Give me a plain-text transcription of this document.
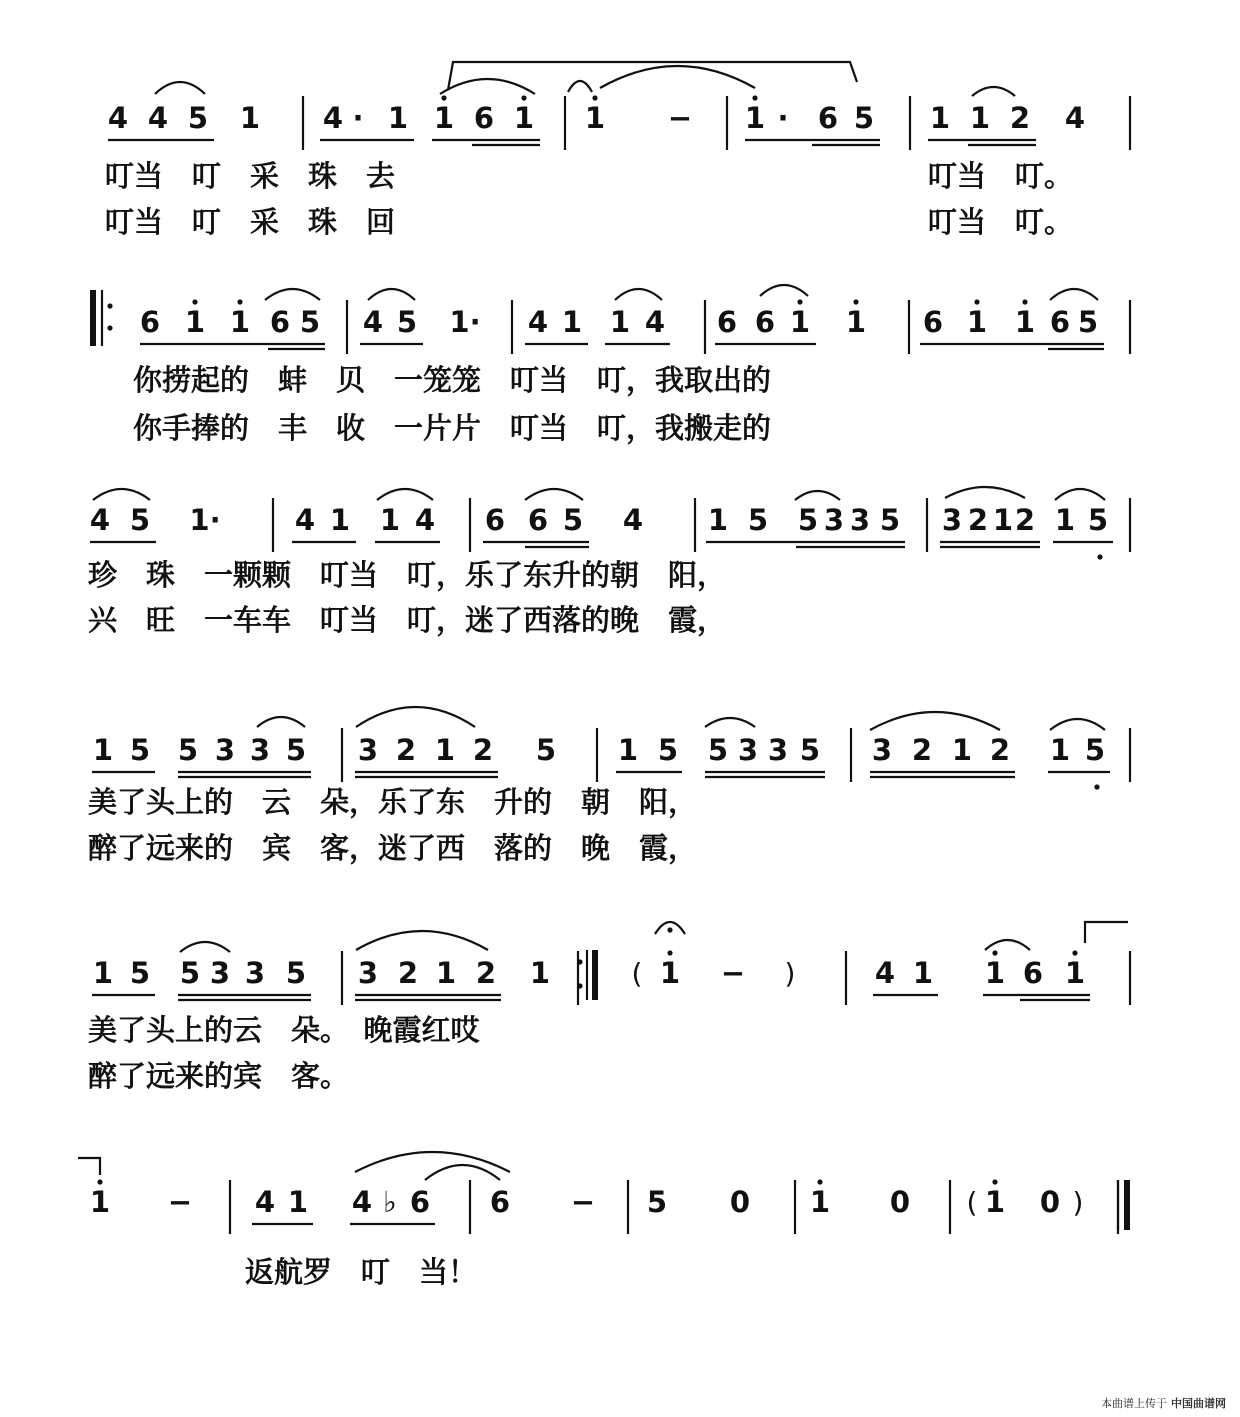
4 4 5 1 4 · 1 1 6 1 1 − 1 · 6 5 1 1 2 4
6 1 1 6 5 4 5 1· 4 1 1 4 6 6 1 1 6 1 1 6 5
4 5 1·	4 1 1 4 6 6 5 4 1 5 5 3 3 5 3 2 1 2 1 5
1 5 5 3 3 5 3 2 1 2 5 1 5 5 3 3 5 3 2 1 2 1 5
1 5 5 3 3 5 3 2 1 2 1	( 1 − )	4 1 1 6 1
1 − 4 1 4 ♭ 6 6 − 5 0 1 0 ( 1 0 )
叮当　叮　采　珠　去	叮当　叮。
叮当　叮　采　珠　回	叮当　叮。
你捞起的　蚌　贝　一笼笼　叮当　叮，我取出的
你手捧的　丰　收　一片片　叮当　叮，我搬走的
珍　珠　一颗颗　叮当　叮，乐了东升的朝　阳，
兴　旺　一车车　叮当　叮，迷了西落的晚　霞，
美了头上的　云　朵，乐了东　升的　朝　阳，
醉了远来的　宾　客，迷了西　落的　晚　霞，
美了头上的云　朵。　晚霞红哎
醉了远来的宾　客。
返航罗　叮　当！
本曲谱上传于 中国曲谱网
